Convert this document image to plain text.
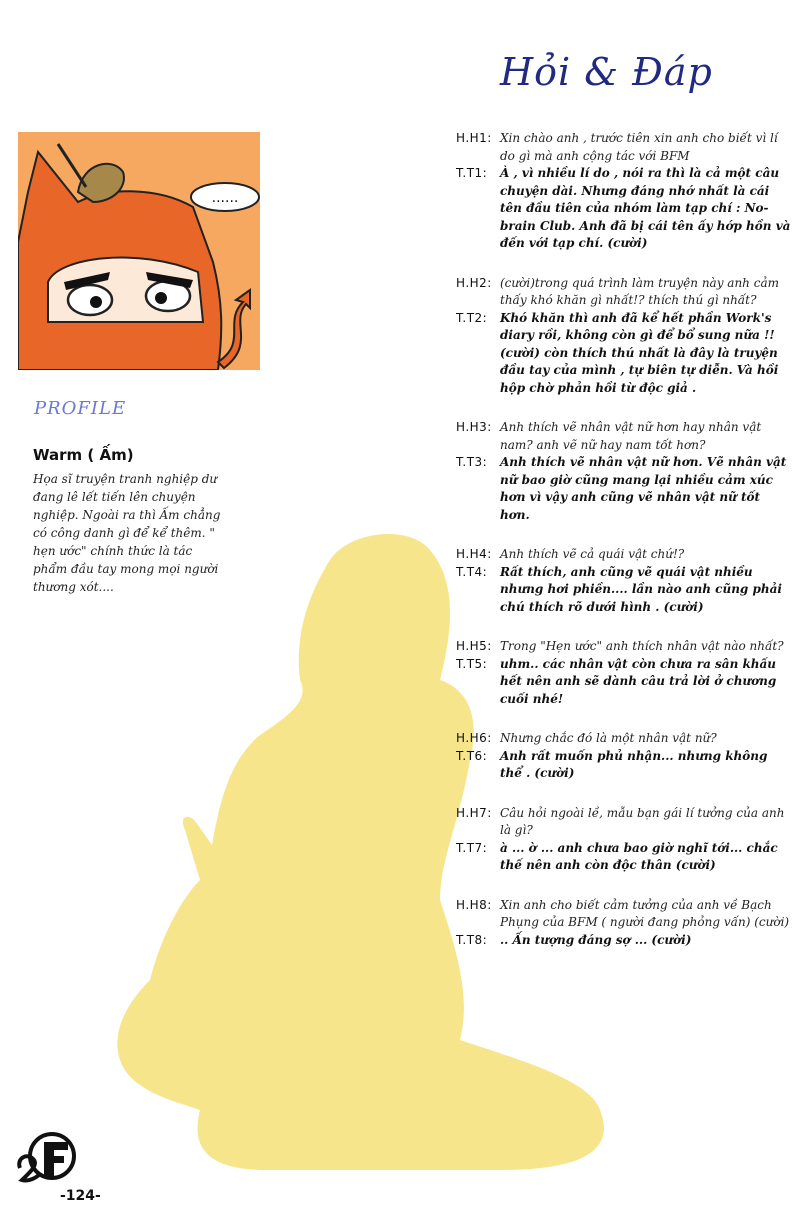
Hỏi & Đáp
......
PROFILE
Warm ( Ấm)
Họa sĩ truyện tranh nghiệp dư đang lê lết tiến lên chuyện nghiệp. Ngoài ra thì Ấm chẳng có công danh gì để kể thêm. " hẹn ước" chính thức là tác phẩm đầu tay mong mọi người thương xót....
H.H1: Xin chào anh , trước tiên xin anh cho biết vì lí do gì mà anh cộng tác với BFM
T.T1:	À , vì nhiều lí do , nói ra thì là cả một câu chuyện dài. Nhưng đáng nhớ nhất là cái tên đầu tiên của nhóm làm tạp chí : No- brain Club. Anh đã bị cái tên ấy hớp hồn và đến với tạp chí. (cười)
H.H2: (cười)trong quá trình làm truyện này anh cảm thấy khó khăn gì nhất!? thích thú gì nhất?
T.T2:	Khó khăn thì anh đã kể hết phần Work's diary rồi, không còn gì để bổ sung nữa !!(cười) còn thích thú nhất là đây là truyện đầu tay của mình , tự biên tự diễn. Và hồi hộp chờ phản hồi từ độc giả .
H.H3: Anh thích vẽ nhân vật nữ hơn hay nhân vật nam? anh vẽ nữ hay nam tốt hơn?
T.T3:	Anh thích vẽ nhân vật nữ hơn. Vẽ nhân vật nữ bao giờ cũng mang lại nhiều cảm xúc hơn vì vậy anh cũng vẽ nhân vật nữ tốt hơn.
H.H4: Anh thích vẽ cả quái vật chứ!?
T.T4:	Rất thích, anh cũng vẽ quái vật nhiều nhưng hơi phiền.... lần nào anh cũng phải chú thích rõ dưới hình . (cười)
H.H5: Trong "Hẹn ước" anh thích nhân vật nào nhất?
T.T5:	uhm.. các nhân vật còn chưa ra sân khấu hết nên anh sẽ dành câu trả lời ở chương cuối nhé!
H.H6: Nhưng chắc đó là một nhân vật nữ?
T.T6:	Anh rất muốn phủ nhận... nhưng không thể . (cười)
H.H7: Câu hỏi ngoài lề, mẫu bạn gái lí tưởng của anh là gì?
T.T7:	à ... ờ ... anh chưa bao giờ nghĩ tới... chắc thế nên anh còn độc thân (cười)
H.H8: Xin anh cho biết cảm tưởng của anh về Bạch Phụng của BFM ( người đang phỏng vấn) (cười)
T.T8:	.. Ấn tượng đáng sợ ... (cười)
-124-
